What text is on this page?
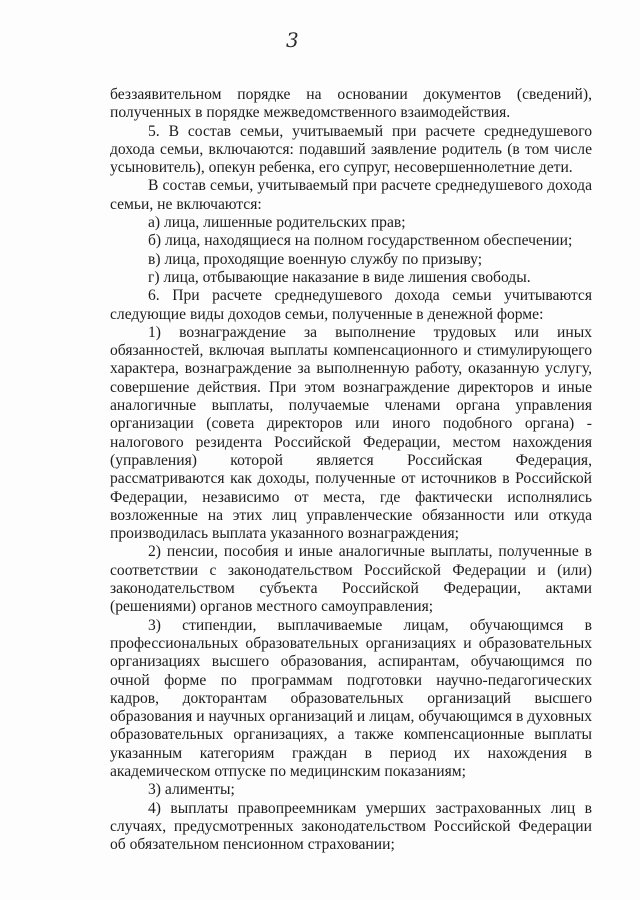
3

беззаявительном порядке на основании документов (сведений), полученных в порядке межведомственного взаимодействия.

5. В состав семьи, учитываемый при расчете среднедушевого дохода семьи, включаются: подавший заявление родитель (в том числе усыновитель), опекун ребенка, его супруг, несовершеннолетние дети.

В состав семьи, учитываемый при расчете среднедушевого дохода семьи, не включаются:

а) лица, лишенные родительских прав;

б) лица, находящиеся на полном государственном обеспечении;

в) лица, проходящие военную службу по призыву;

г) лица, отбывающие наказание в виде лишения свободы.

6. При расчете среднедушевого дохода семьи учитываются следующие виды доходов семьи, полученные в денежной форме:

1) вознаграждение за выполнение трудовых или иных обязанностей, включая выплаты компенсационного и стимулирующего характера, вознаграждение за выполненную работу, оказанную услугу, совершение действия. При этом вознаграждение директоров и иные аналогичные выплаты, получаемые членами органа управления организации (совета директоров или иного подобного органа) - налогового резидента Российской Федерации, местом нахождения (управления) которой является Российская Федерация, рассматриваются как доходы, полученные от источников в Российской Федерации, независимо от места, где фактически исполнялись возложенные на этих лиц управленческие обязанности или откуда производилась выплата указанного вознаграждения;

2) пенсии, пособия и иные аналогичные выплаты, полученные в соответствии с законодательством Российской Федерации и (или) законодательством субъекта Российской Федерации, актами (решениями) органов местного самоуправления;

3) стипендии, выплачиваемые лицам, обучающимся в профессиональных образовательных организациях и образовательных организациях высшего образования, аспирантам, обучающимся по очной форме по программам подготовки научно-педагогических кадров, докторантам образовательных организаций высшего образования и научных организаций и лицам, обучающимся в духовных образовательных организациях, а также компенсационные выплаты указанным категориям граждан в период их нахождения в академическом отпуске по медицинским показаниям;

3) алименты;

4) выплаты правопреемникам умерших застрахованных лиц в случаях, предусмотренных законодательством Российской Федерации об обязательном пенсионном страховании;
